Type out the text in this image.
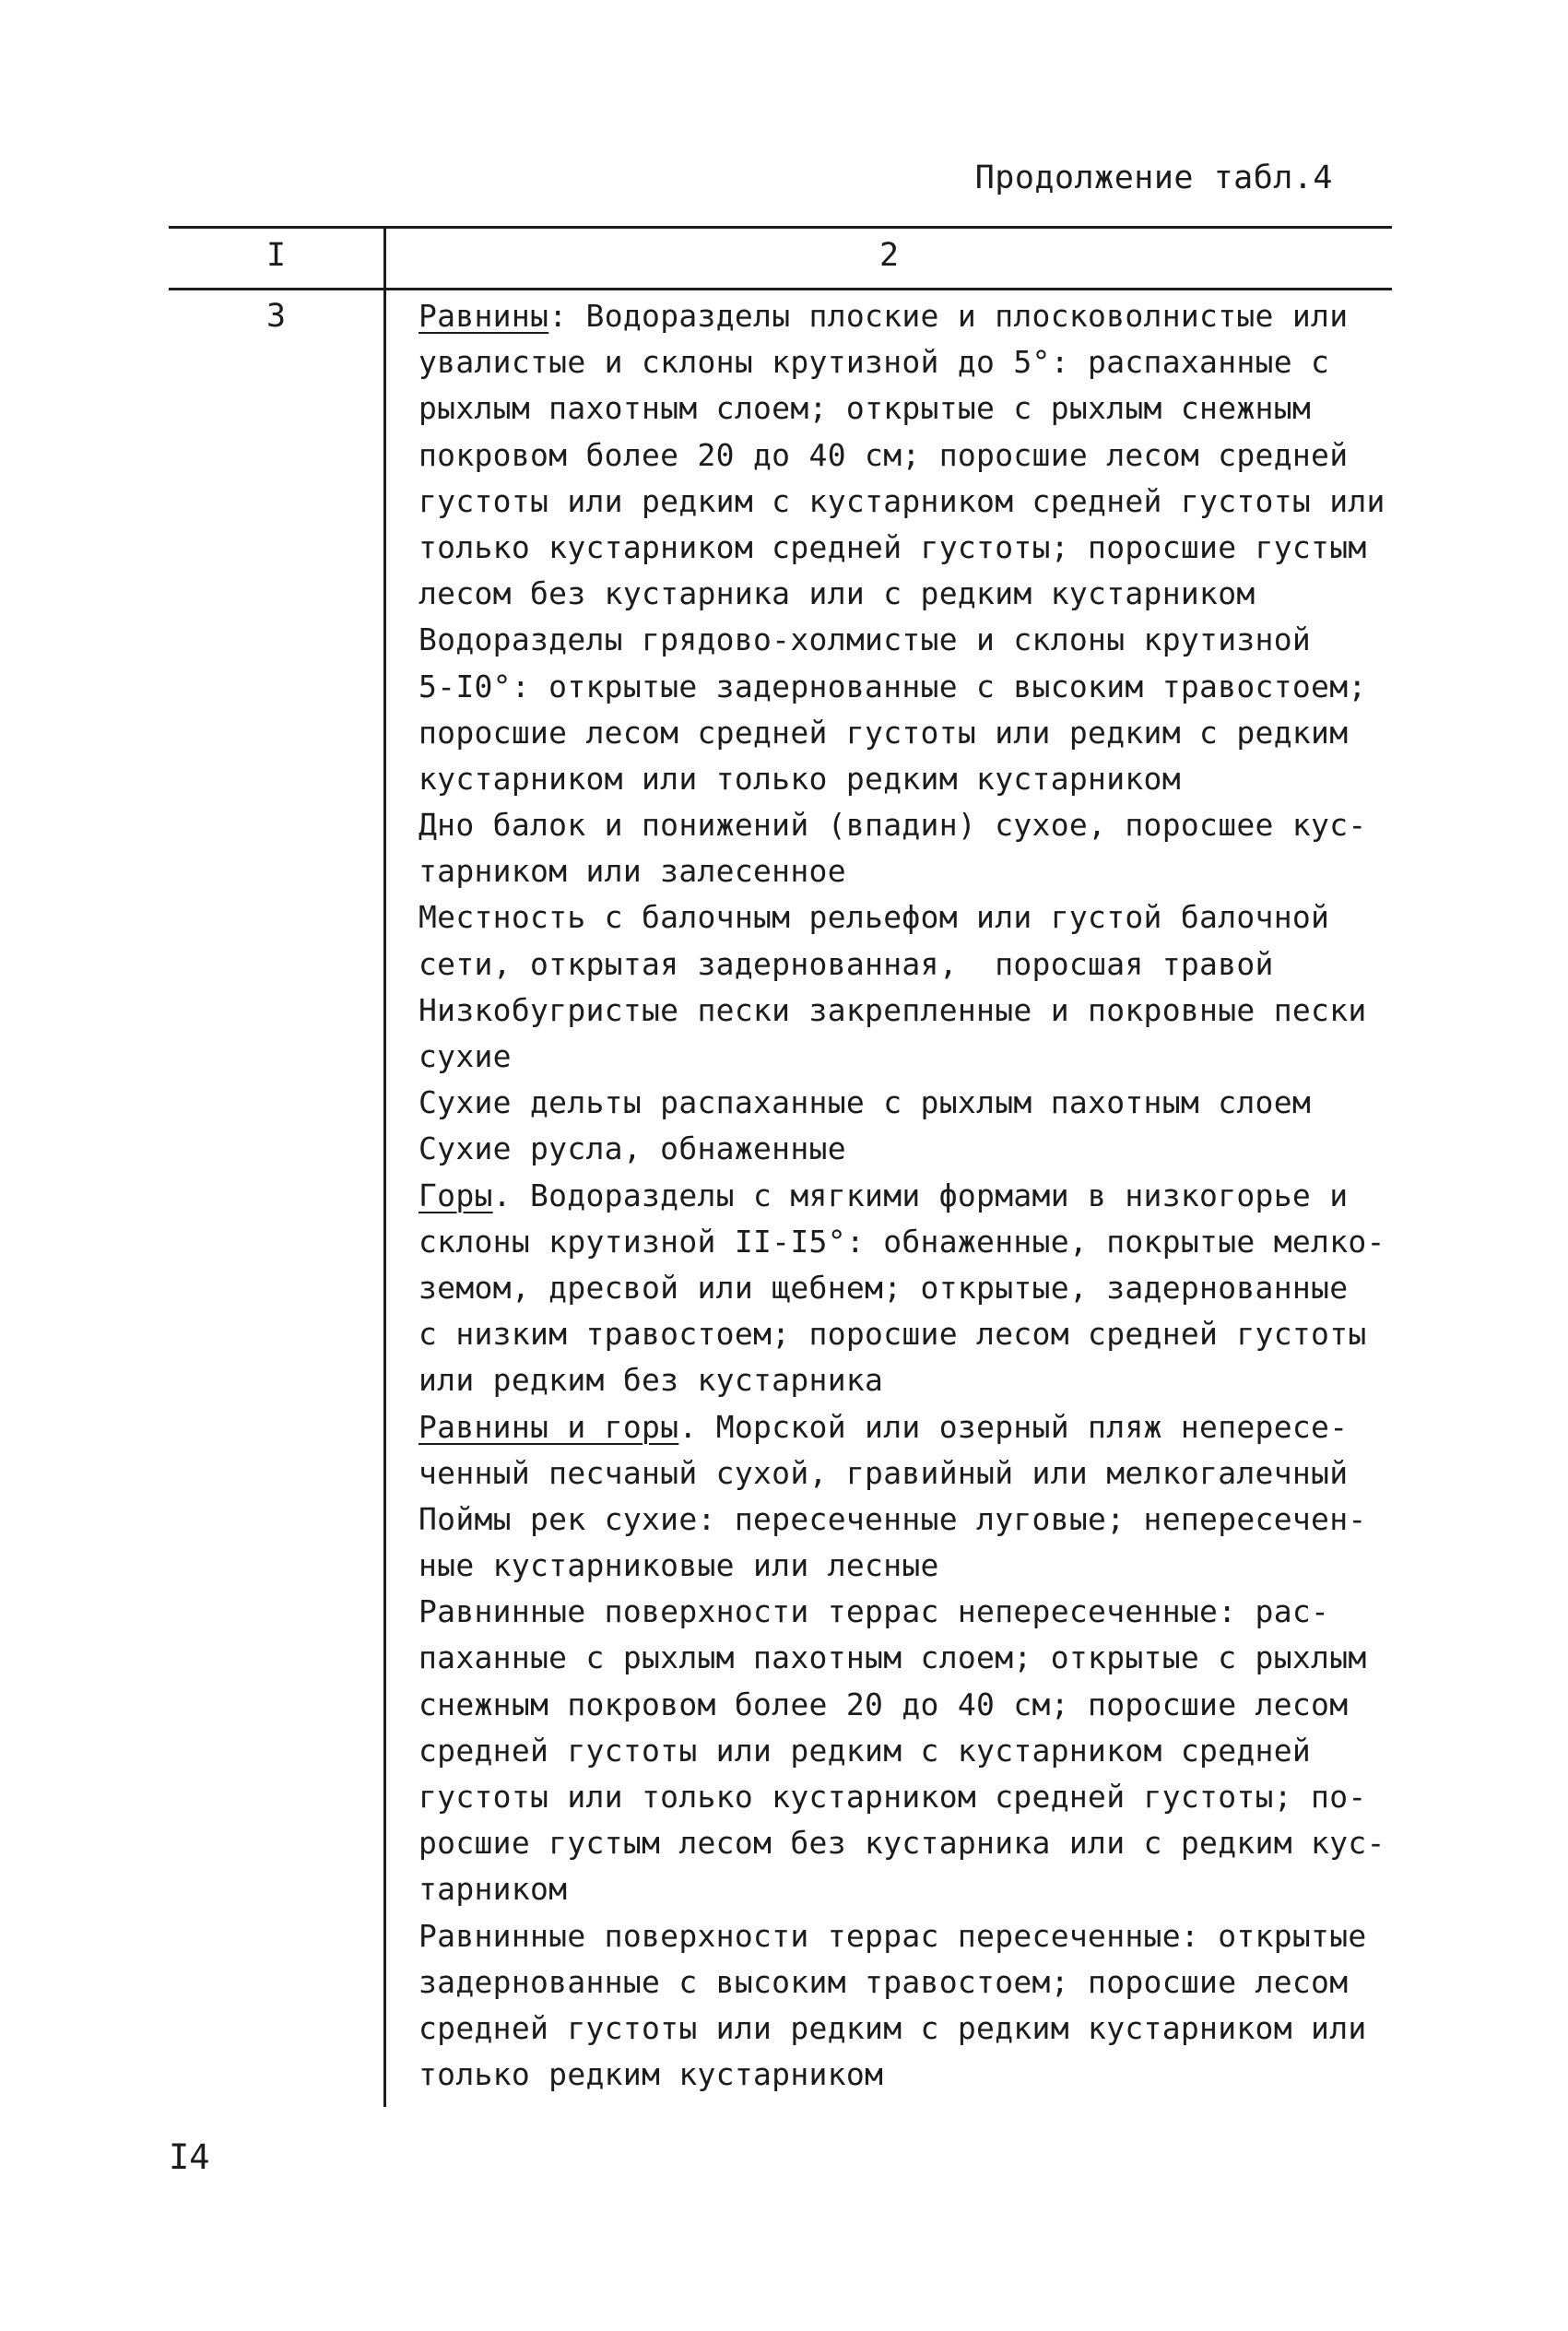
Продолжение табл.4
I	2
3	Равнины: Водоразделы плоские и плосковолнистые или
увалистые и склоны крутизной до 5°: распаханные с
рыхлым пахотным слоем; открытые с рыхлым снежным
покровом более 20 до 40 см; поросшие лесом средней
густоты или редким с кустарником средней густоты или
только кустарником средней густоты; поросшие густым
лесом без кустарника или с редким кустарником
Водоразделы грядово-холмистые и склоны крутизной
5-I0°: открытые задернованные с высоким травостоем;
поросшие лесом средней густоты или редким с редким
кустарником или только редким кустарником
Дно балок и понижений (впадин) сухое, поросшее кус-
тарником или залесенное
Местность с балочным рельефом или густой балочной
сети, открытая задернованная,  поросшая травой
Низкобугристые пески закрепленные и покровные пески
сухие
Сухие дельты распаханные с рыхлым пахотным слоем
Сухие русла, обнаженные
Горы. Водоразделы с мягкими формами в низкогорье и
склоны крутизной II-I5°: обнаженные, покрытые мелко-
земом, дресвой или щебнем; открытые, задернованные
с низким травостоем; поросшие лесом средней густоты
или редким без кустарника
Равнины и горы. Морской или озерный пляж непересе-
ченный песчаный сухой, гравийный или мелкогалечный
Поймы рек сухие: пересеченные луговые; непересечен-
ные кустарниковые или лесные
Равнинные поверхности террас непересеченные: рас-
паханные с рыхлым пахотным слоем; открытые с рыхлым
снежным покровом более 20 до 40 см; поросшие лесом
средней густоты или редким с кустарником средней
густоты или только кустарником средней густоты; по-
росшие густым лесом без кустарника или с редким кус-
тарником
Равнинные поверхности террас пересеченные: открытые
задернованные с высоким травостоем; поросшие лесом
средней густоты или редким с редким кустарником или
только редким кустарником
I4
